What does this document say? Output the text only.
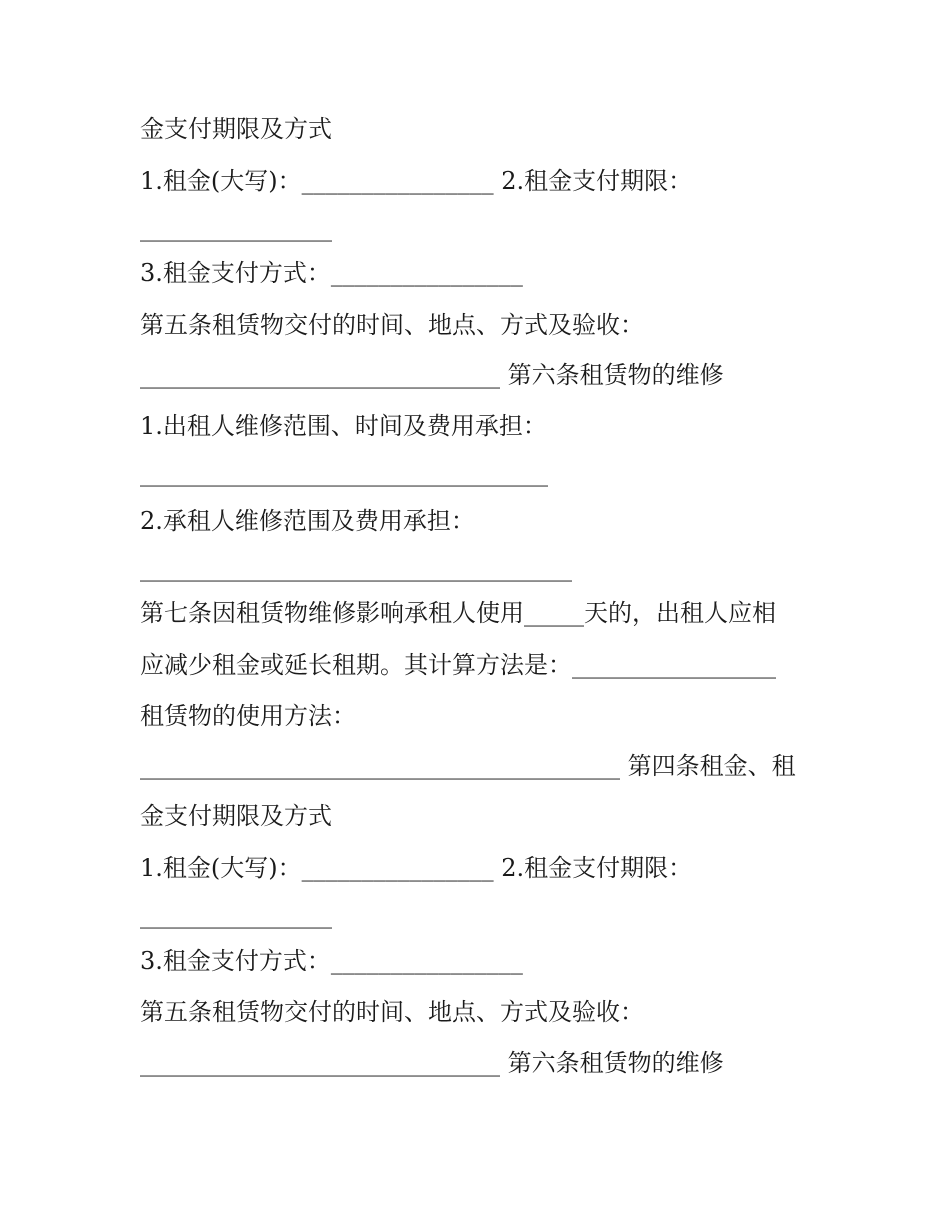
金支付期限及方式
1.租金(大写)：________________ 2.租金支付期限：
________________
3.租金支付方式：________________
第五条租赁物交付的时间、地点、方式及验收：
______________________________ 第六条租赁物的维修
1.出租人维修范围、时间及费用承担：
__________________________________
2.承租人维修范围及费用承担：
____________________________________
第七条因租赁物维修影响承租人使用_____天的，出租人应相
应减少租金或延长租期。其计算方法是：_________________
租赁物的使用方法：
________________________________________ 第四条租金、租
金支付期限及方式
1.租金(大写)：________________ 2.租金支付期限：
________________
3.租金支付方式：________________
第五条租赁物交付的时间、地点、方式及验收：
______________________________ 第六条租赁物的维修
